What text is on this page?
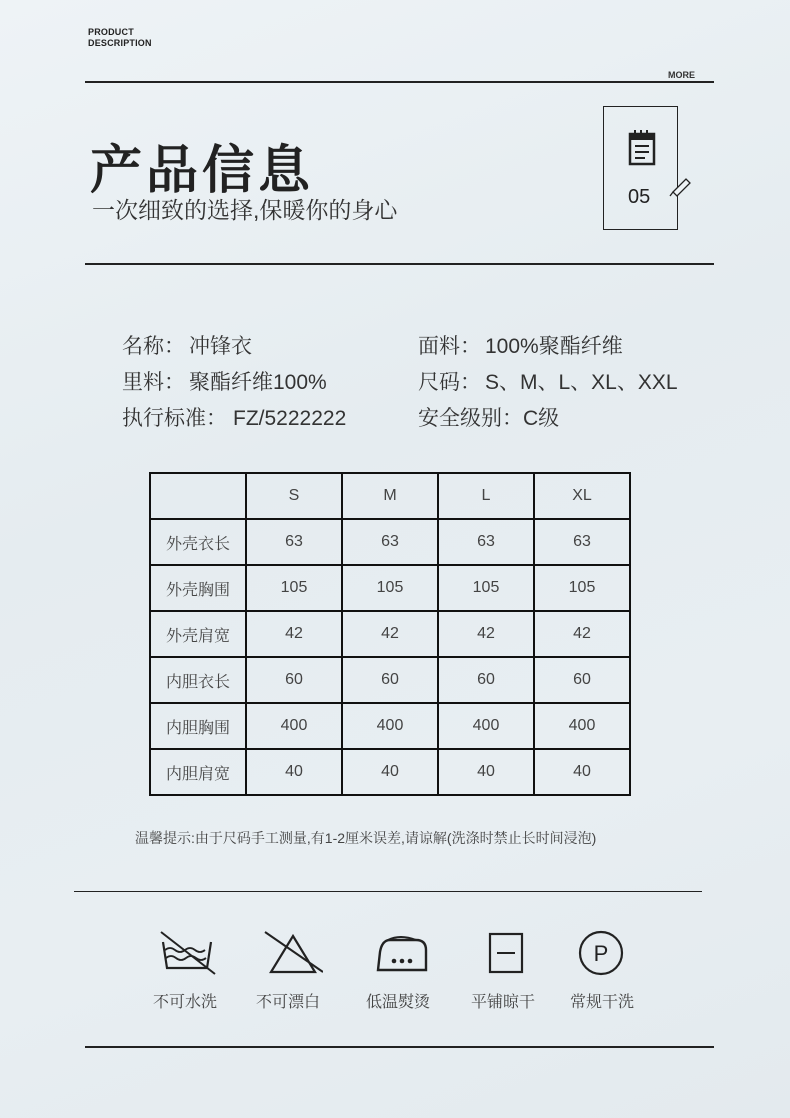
PRODUCT
DESCRIPTION
MORE
产品信息
一次细致的选择,保暖你的身心	05
名称： 冲锋衣	面料： 100%聚酯纤维
里料： 聚酯纤维100%	尺码： S、M、L、XL、XXL
执行标准： FZ/5222222	安全级别：C级
	S	M	L	XL
外壳衣长	63	63	63	63
外壳胸围	105	105	105	105
外壳肩宽	42	42	42	42
内胆衣长	60	60	60	60
内胆胸围	400	400	400	400
内胆肩宽	40	40	40	40
温馨提示:由于尺码手工测量,有1-2厘米误差,请谅解(洗涤时禁止长时间浸泡)
P
不可水洗	不可漂白	低温熨烫	平铺晾干	常规干洗
